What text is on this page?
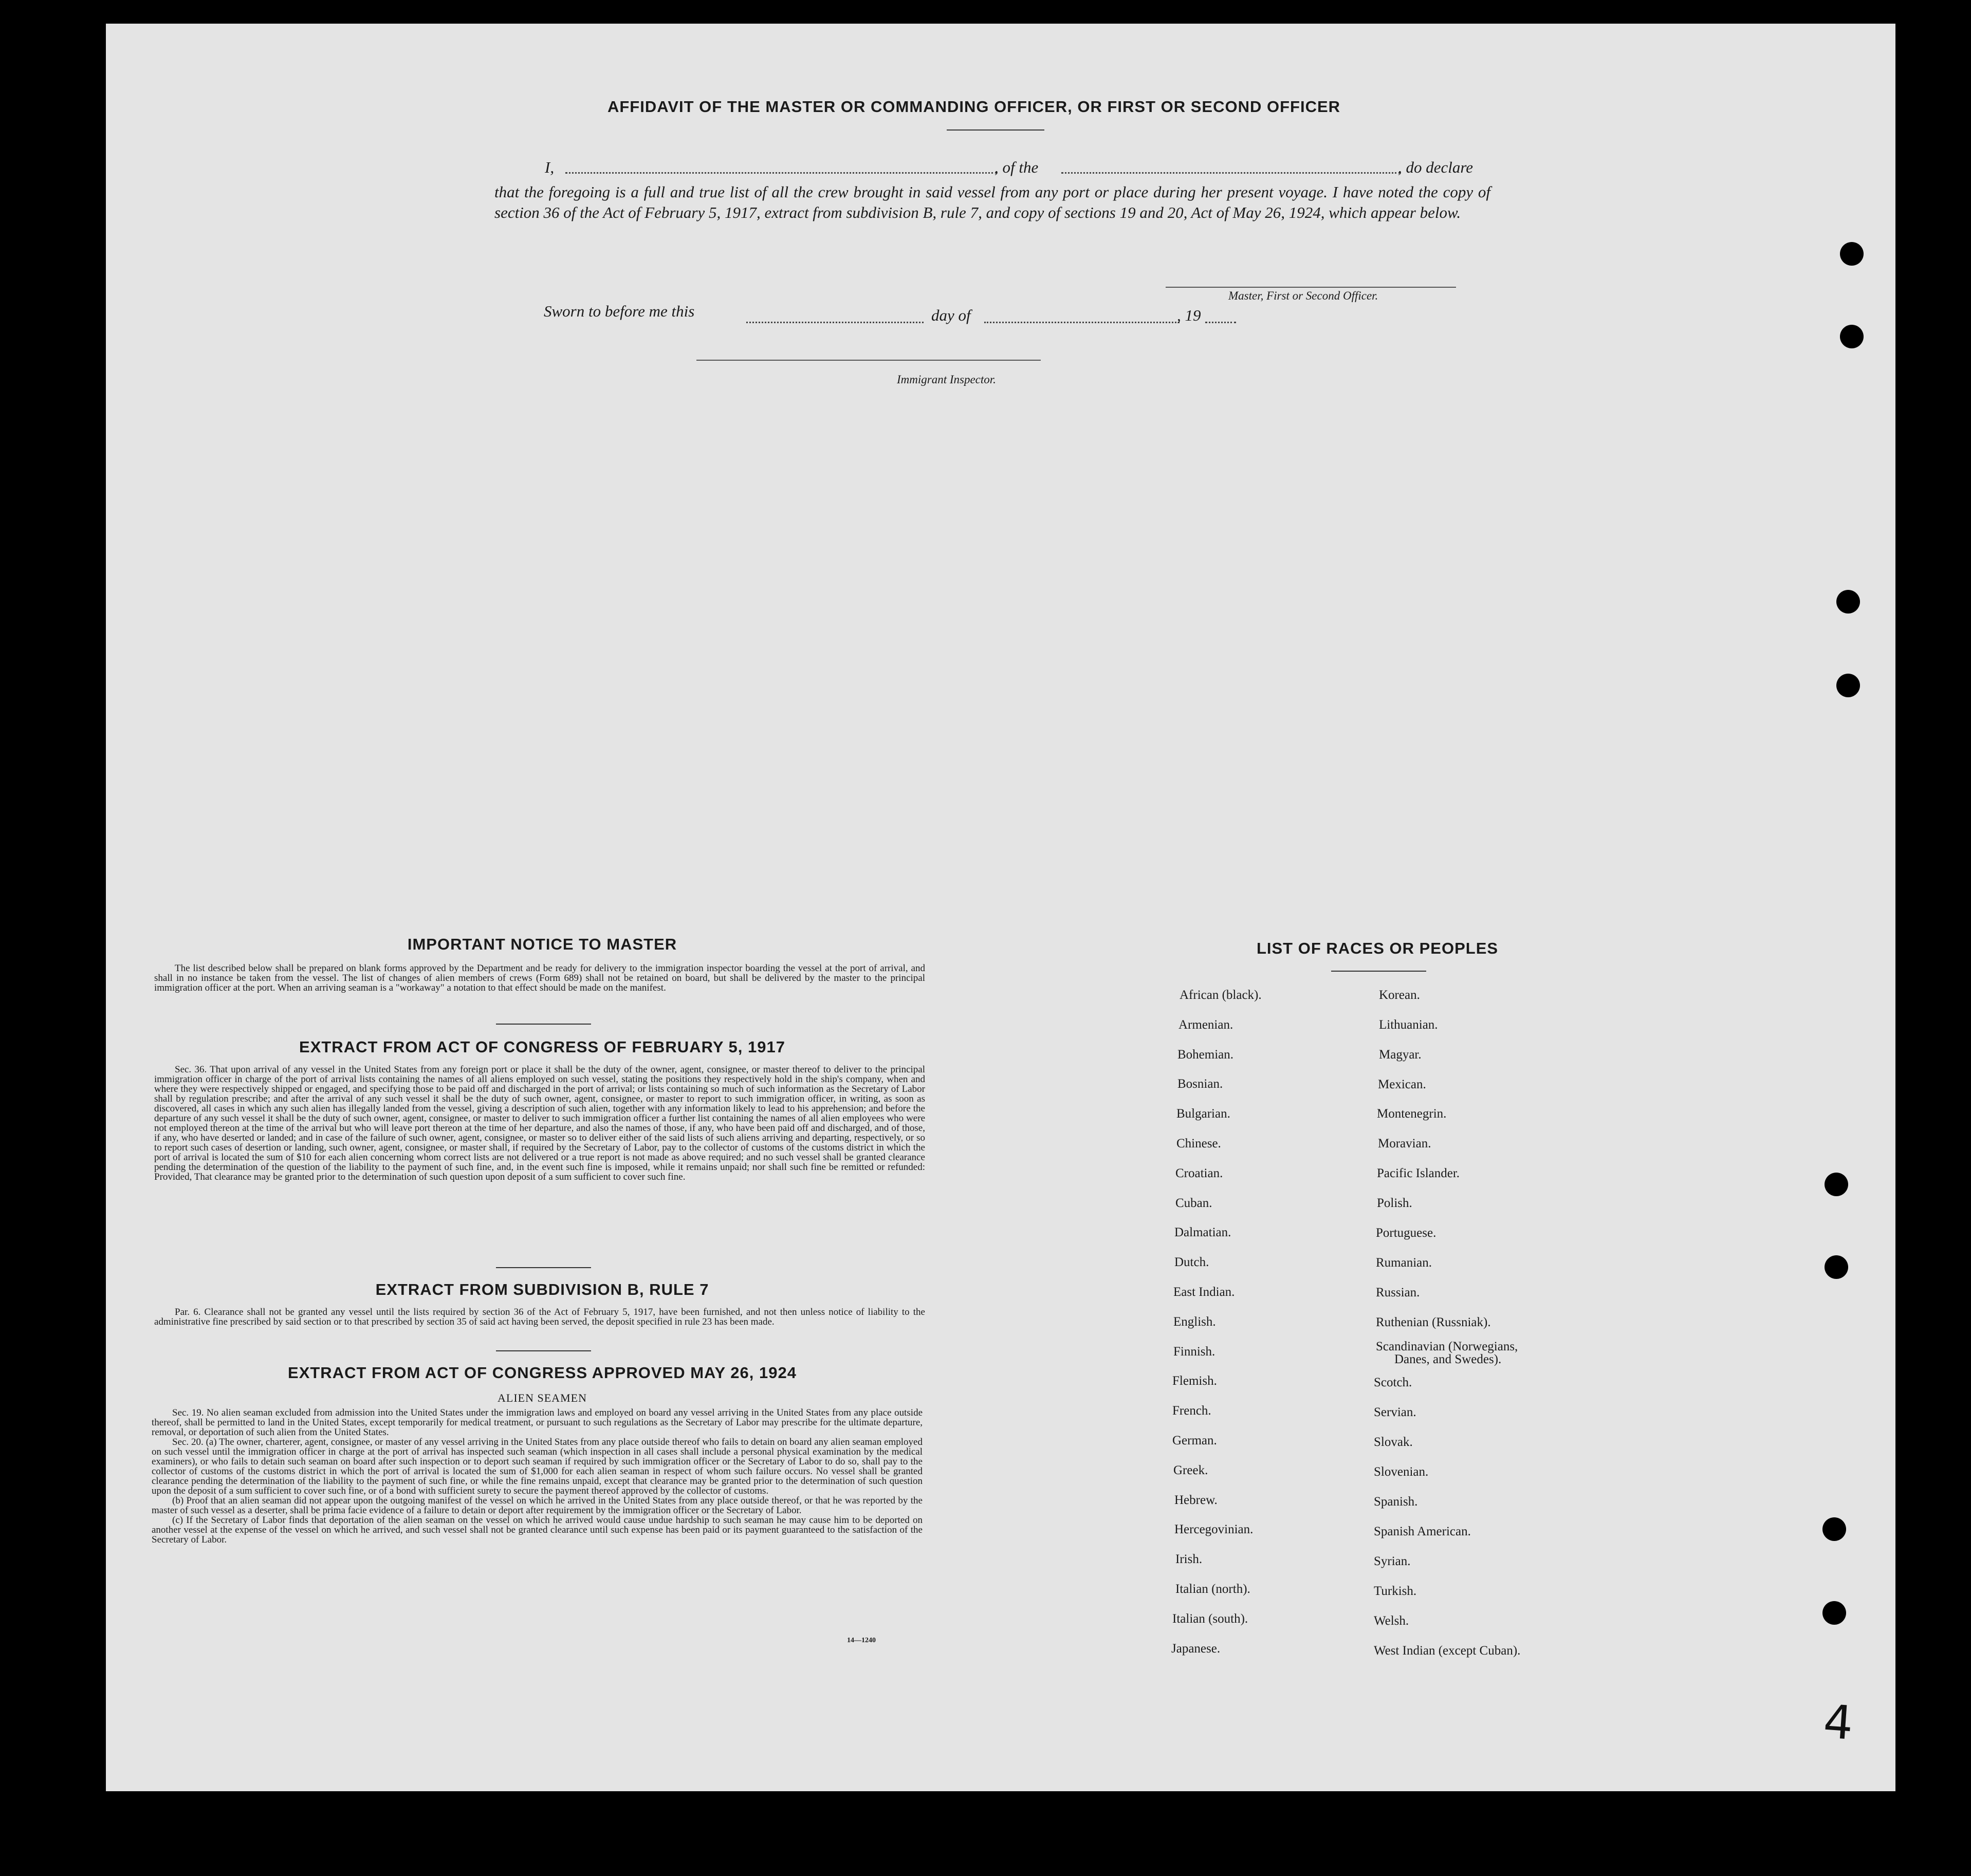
AFFIDAVIT OF THE MASTER OR COMMANDING OFFICER, OR FIRST OR SECOND OFFICER
I,	, of the	, do declare
that the foregoing is a full and true list of all the crew brought in said vessel from any port or place during her present voyage. I have noted the copy of section 36 of the Act of February 5, 1917, extract from subdivision B, rule 7, and copy of sections 19 and 20, Act of May 26, 1924, which appear below.
Master, First or Second Officer.
Sworn to before me this	day of	, 19
Immigrant Inspector.
IMPORTANT NOTICE TO MASTER

The list described below shall be prepared on blank forms approved by the Department and be ready for delivery to the immigration inspector boarding the vessel at the port of arrival, and shall in no instance be taken from the vessel. The list of changes of alien members of crews (Form 689) shall not be retained on board, but shall be delivered by the master to the principal immigration officer at the port. When an arriving seaman is a "workaway" a notation to that effect should be made on the manifest.

EXTRACT FROM ACT OF CONGRESS OF FEBRUARY 5, 1917

Sec. 36. That upon arrival of any vessel in the United States from any foreign port or place it shall be the duty of the owner, agent, consignee, or master thereof to deliver to the principal immigration officer in charge of the port of arrival lists containing the names of all aliens employed on such vessel, stating the positions they respectively hold in the ship's company, when and where they were respectively shipped or engaged, and specifying those to be paid off and discharged in the port of arrival; or lists containing so much of such information as the Secretary of Labor shall by regulation prescribe; and after the arrival of any such vessel it shall be the duty of such owner, agent, consignee, or master to report to such immigration officer, in writing, as soon as discovered, all cases in which any such alien has illegally landed from the vessel, giving a description of such alien, together with any information likely to lead to his apprehension; and before the departure of any such vessel it shall be the duty of such owner, agent, consignee, or master to deliver to such immigration officer a further list containing the names of all alien employees who were not employed thereon at the time of the arrival but who will leave port thereon at the time of her departure, and also the names of those, if any, who have been paid off and discharged, and of those, if any, who have deserted or landed; and in case of the failure of such owner, agent, consignee, or master so to deliver either of the said lists of such aliens arriving and departing, respectively, or so to report such cases of desertion or landing, such owner, agent, consignee, or master shall, if required by the Secretary of Labor, pay to the collector of customs of the customs district in which the port of arrival is located the sum of $10 for each alien concerning whom correct lists are not delivered or a true report is not made as above required; and no such vessel shall be granted clearance pending the determination of the question of the liability to the payment of such fine, and, in the event such fine is imposed, while it remains unpaid; nor shall such fine be remitted or refunded: Provided, That clearance may be granted prior to the determination of such question upon deposit of a sum sufficient to cover such fine.

EXTRACT FROM SUBDIVISION B, RULE 7

Par. 6. Clearance shall not be granted any vessel until the lists required by section 36 of the Act of February 5, 1917, have been furnished, and not then unless notice of liability to the administrative fine prescribed by said section or to that prescribed by section 35 of said act having been served, the deposit specified in rule 23 has been made.

EXTRACT FROM ACT OF CONGRESS APPROVED MAY 26, 1924
ALIEN SEAMEN

Sec. 19. No alien seaman excluded from admission into the United States under the immigration laws and employed on board any vessel arriving in the United States from any place outside thereof, shall be permitted to land in the United States, except temporarily for medical treatment, or pursuant to such regulations as the Secretary of Labor may prescribe for the ultimate departure, removal, or deportation of such alien from the United States.

Sec. 20. (a) The owner, charterer, agent, consignee, or master of any vessel arriving in the United States from any place outside thereof who fails to detain on board any alien seaman employed on such vessel until the immigration officer in charge at the port of arrival has inspected such seaman (which inspection in all cases shall include a personal physical examination by the medical examiners), or who fails to detain such seaman on board after such inspection or to deport such seaman if required by such immigration officer or the Secretary of Labor to do so, shall pay to the collector of customs of the customs district in which the port of arrival is located the sum of $1,000 for each alien seaman in respect of whom such failure occurs. No vessel shall be granted clearance pending the determination of the liability to the payment of such fine, or while the fine remains unpaid, except that clearance may be granted prior to the determination of such question upon the deposit of a sum sufficient to cover such fine, or of a bond with sufficient surety to secure the payment thereof approved by the collector of customs.

(b) Proof that an alien seaman did not appear upon the outgoing manifest of the vessel on which he arrived in the United States from any place outside thereof, or that he was reported by the master of such vessel as a deserter, shall be prima facie evidence of a failure to detain or deport after requirement by the immigration officer or the Secretary of Labor.

(c) If the Secretary of Labor finds that deportation of the alien seaman on the vessel on which he arrived would cause undue hardship to such seaman he may cause him to be deported on another vessel at the expense of the vessel on which he arrived, and such vessel shall not be granted clearance until such expense has been paid or its payment guaranteed to the satisfaction of the Secretary of Labor.

14—1240
LIST OF RACES OR PEOPLES
African (black).
Armenian.
Bohemian.
Bosnian.
Bulgarian.
Chinese.
Croatian.
Cuban.
Dalmatian.
Dutch.
East Indian.
English.
Finnish.
Flemish.
French.
German.
Greek.
Hebrew.
Hercegovinian.
Irish.
Italian (north).
Italian (south).
Japanese.
Korean.
Lithuanian.
Magyar.
Mexican.
Montenegrin.
Moravian.
Pacific Islander.
Polish.
Portuguese.
Rumanian.
Russian.
Ruthenian (Russniak).
Scandinavian (Norwegians,
Danes, and Swedes).
Scotch.
Servian.
Slovak.
Slovenian.
Spanish.
Spanish American.
Syrian.
Turkish.
Welsh.
West Indian (except Cuban).
4
